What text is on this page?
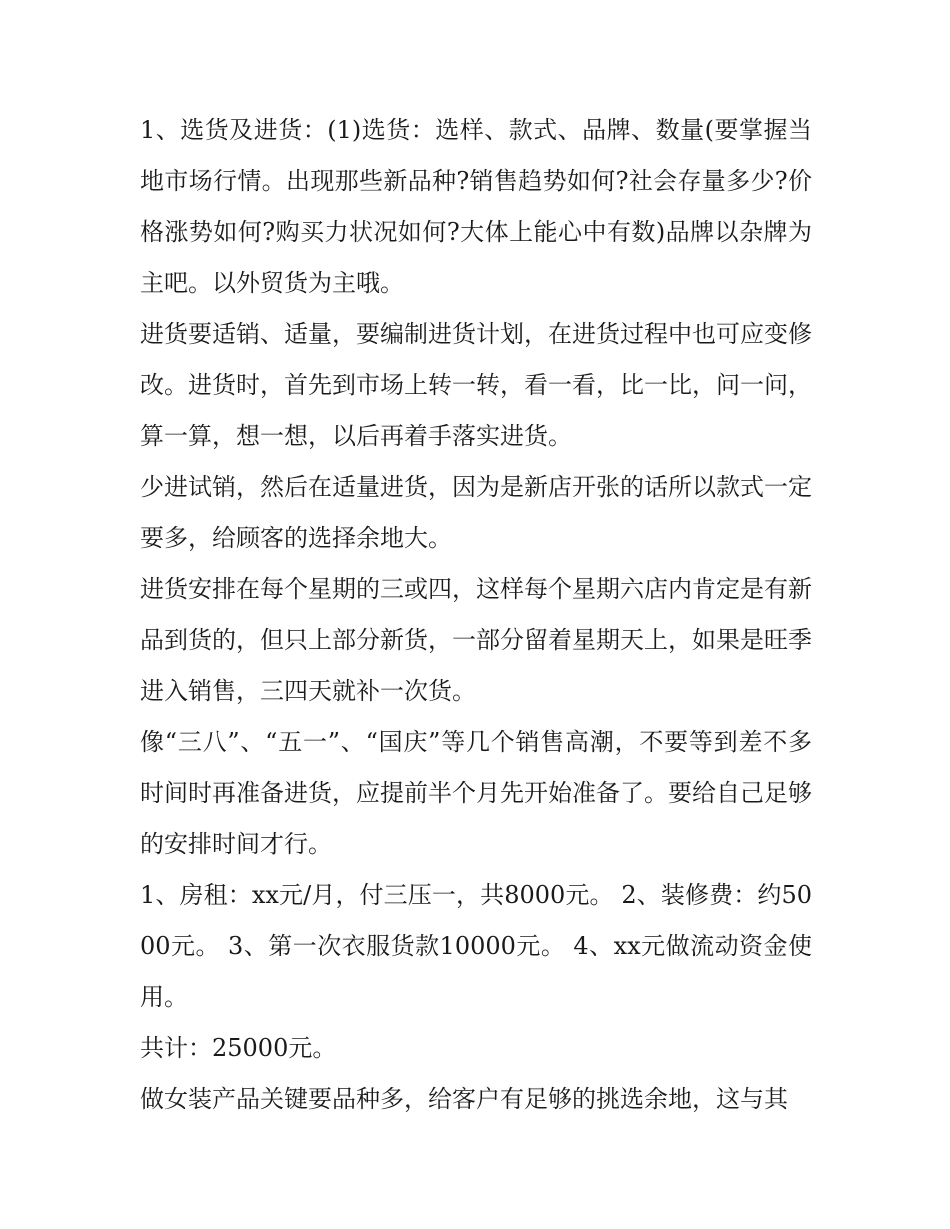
1、选货及进货：(1)选货：选样、款式、品牌、数量(要掌握当地市场行情。出现那些新品种?销售趋势如何?社会存量多少?价格涨势如何?购买力状况如何?大体上能心中有数)品牌以杂牌为主吧。以外贸货为主哦。

进货要适销、适量，要编制进货计划，在进货过程中也可应变修改。进货时，首先到市场上转一转，看一看，比一比，问一问，算一算，想一想，以后再着手落实进货。

少进试销，然后在适量进货，因为是新店开张的话所以款式一定要多，给顾客的选择余地大。

进货安排在每个星期的三或四，这样每个星期六店内肯定是有新品到货的，但只上部分新货，一部分留着星期天上，如果是旺季进入销售，三四天就补一次货。

像“三八”、“五一”、“国庆”等几个销售高潮，不要等到差不多时间时再准备进货，应提前半个月先开始准备了。要给自己足够的安排时间才行。

1、房租：xx元/月，付三压一，共8000元。 2、装修费：约5000元。 3、第一次衣服货款10000元。 4、xx元做流动资金使用。

共计：25000元。

做女装产品关键要品种多，给客户有足够的挑选余地，这与其
